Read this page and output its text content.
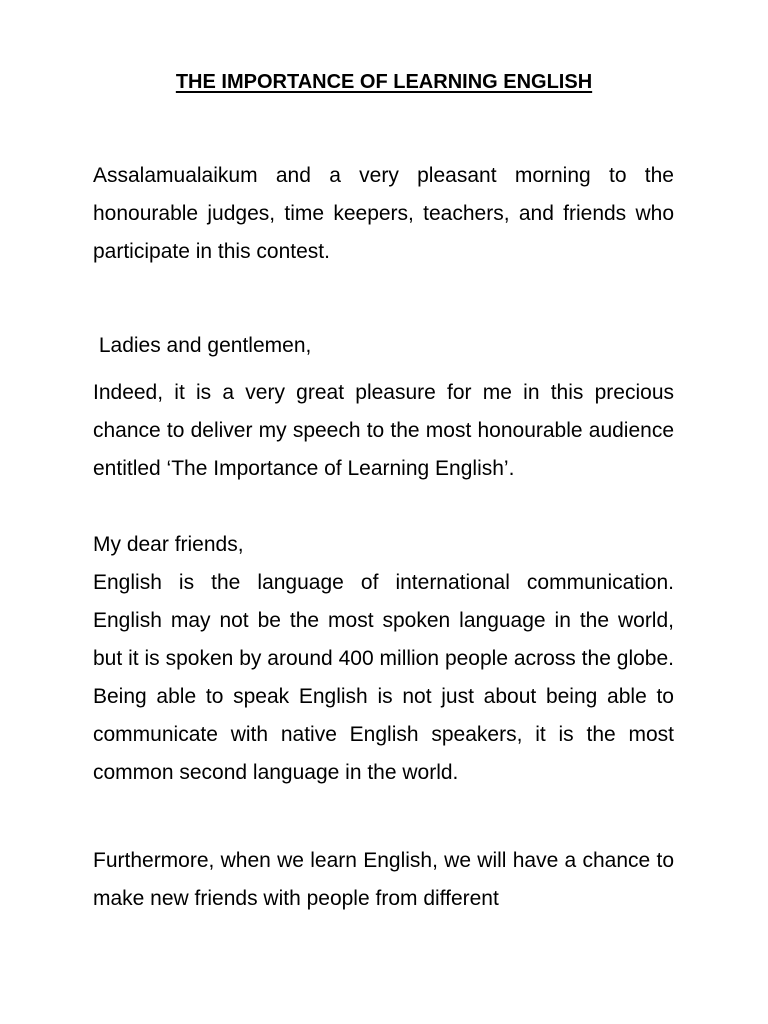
THE IMPORTANCE OF LEARNING ENGLISH

Assalamualaikum and a very pleasant morning to the honourable judges, time keepers, teachers, and friends who participate in this contest.

Ladies and gentlemen,

Indeed, it is a very great pleasure for me in this precious chance to deliver my speech to the most honourable audience entitled ‘The Importance of Learning English’.

My dear friends,

English is the language of international communication. English may not be the most spoken language in the world, but it is spoken by around 400 million people across the globe. Being able to speak English is not just about being able to communicate with native English speakers, it is the most common second language in the world.

Furthermore, when we learn English, we will have a chance to make new friends with people from different
